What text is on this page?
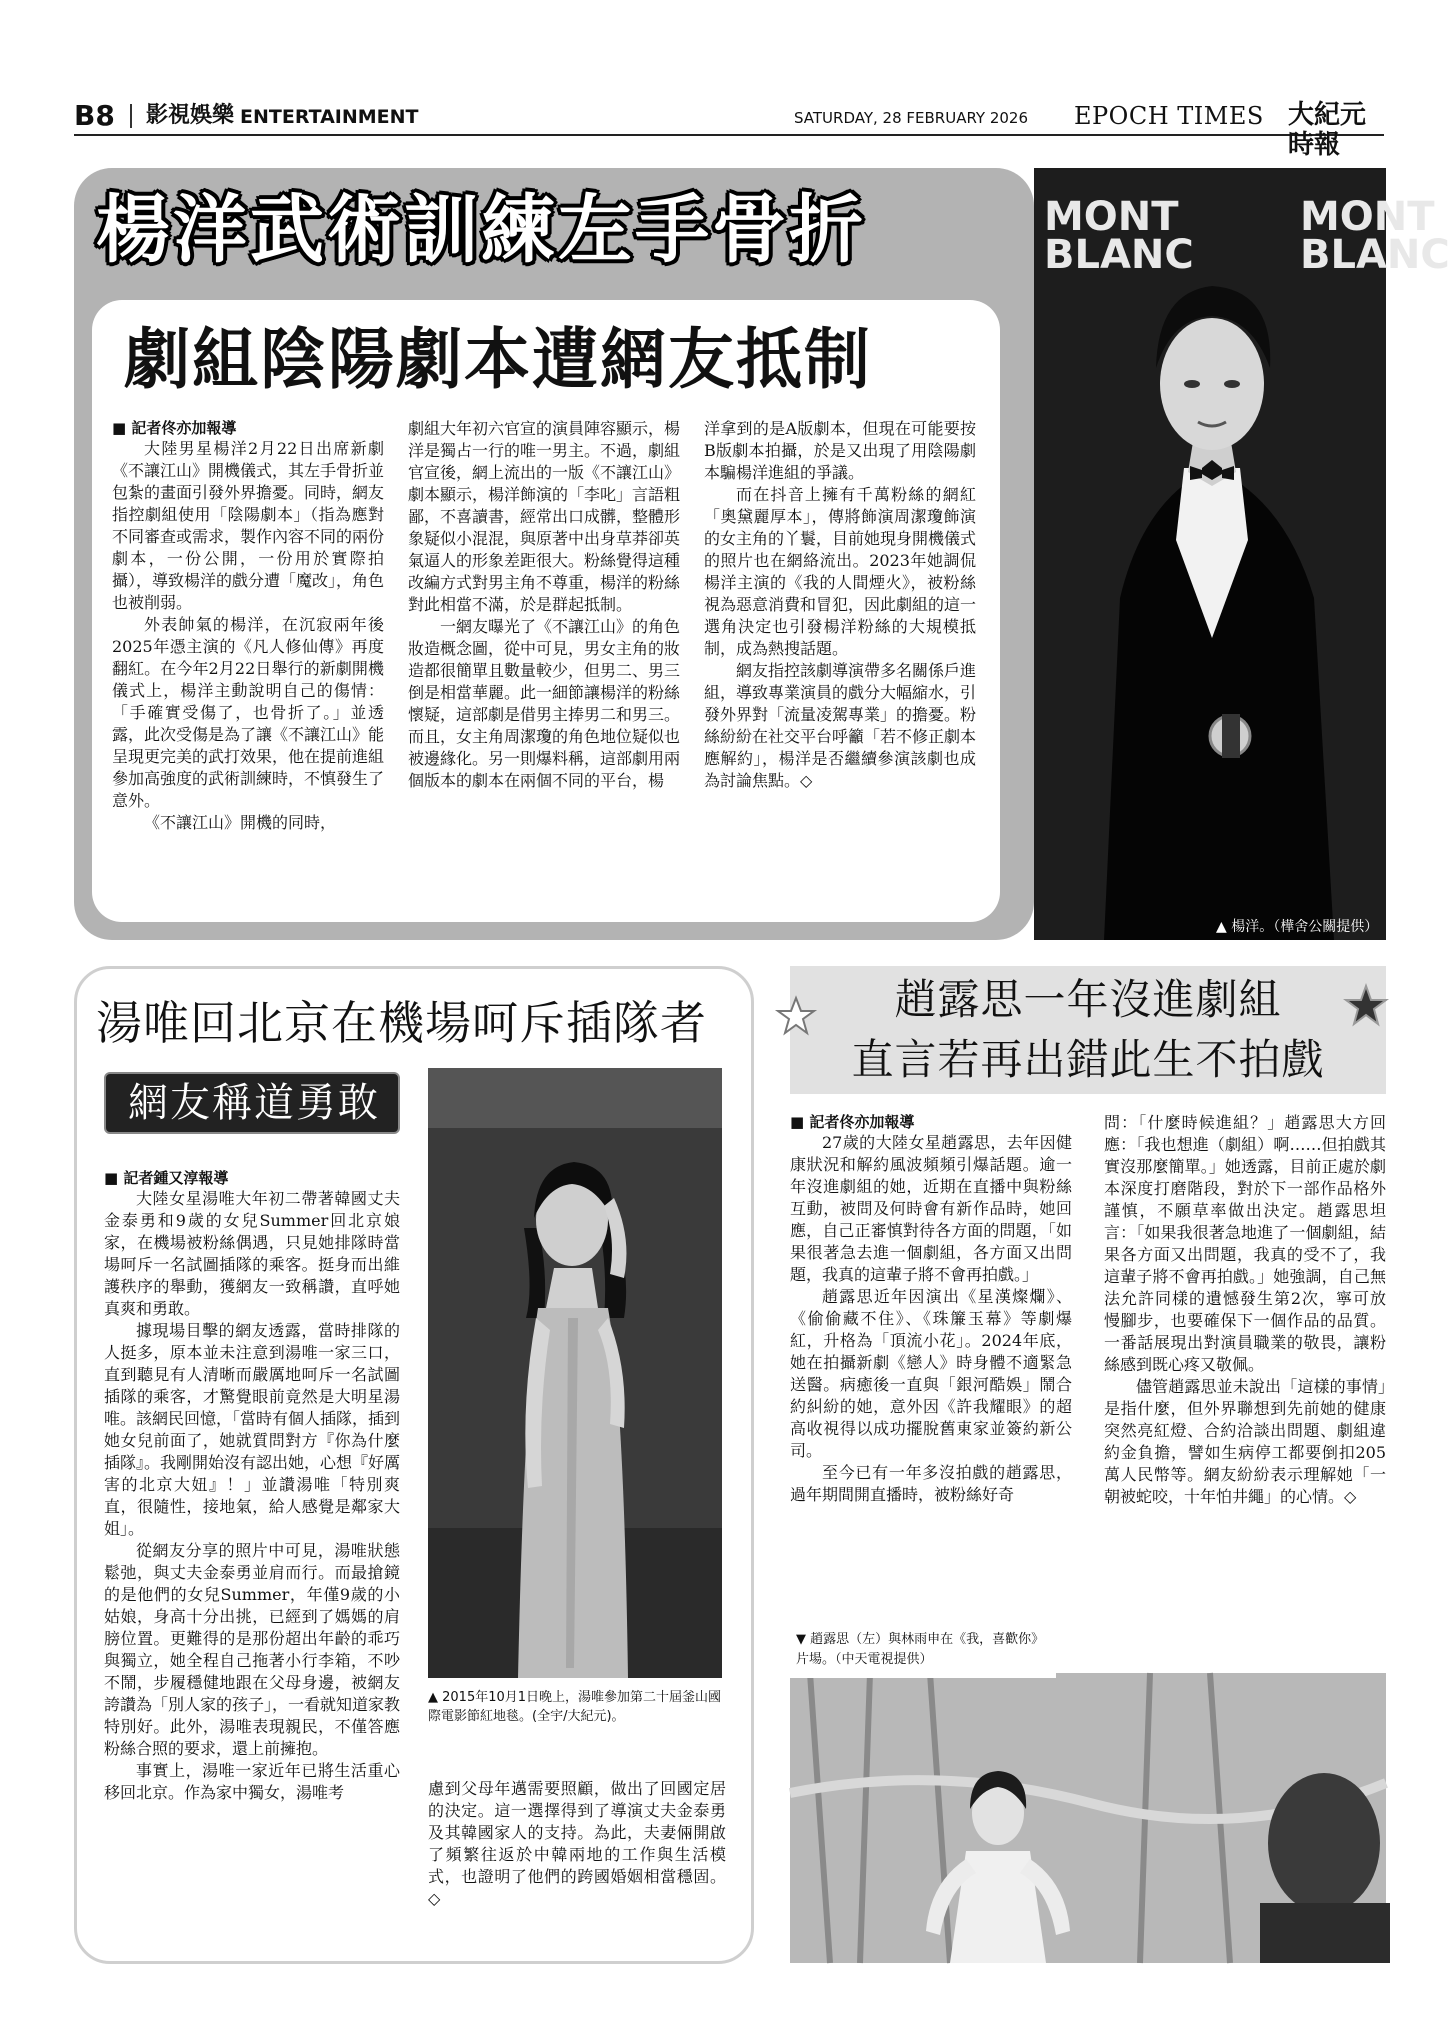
B8 影視娛樂 ENTERTAINMENT	SATURDAY, 28 FEBRUARY 2026 EPOCH TIMES 大紀元時報
楊洋武術訓練左手骨折
劇組陰陽劇本遭網友抵制
■ 記者佟亦加報導

大陸男星楊洋2月22日出席新劇《不讓江山》開機儀式，其左手骨折並包紮的畫面引發外界擔憂。同時，網友指控劇組使用「陰陽劇本」（指為應對不同審查或需求，製作內容不同的兩份劇本，一份公開，一份用於實際拍攝），導致楊洋的戲分遭「魔改」，角色也被削弱。

外表帥氣的楊洋，在沉寂兩年後2025年憑主演的《凡人修仙傳》再度翻紅。在今年2月22日舉行的新劇開機儀式上，楊洋主動說明自己的傷情：「手確實受傷了，也骨折了。」並透露，此次受傷是為了讓《不讓江山》能呈現更完美的武打效果，他在提前進組參加高強度的武術訓練時，不慎發生了意外。

《不讓江山》開機的同時，

劇組大年初六官宣的演員陣容顯示，楊洋是獨占一行的唯一男主。不過，劇組官宣後，網上流出的一版《不讓江山》劇本顯示，楊洋飾演的「李叱」言語粗鄙，不喜讀書，經常出口成髒，整體形象疑似小混混，與原著中出身草莽卻英氣逼人的形象差距很大。粉絲覺得這種改編方式對男主角不尊重，楊洋的粉絲對此相當不滿，於是群起抵制。

一網友曝光了《不讓江山》的角色妝造概念圖，從中可見，男女主角的妝造都很簡單且數量較少，但男二、男三倒是相當華麗。此一細節讓楊洋的粉絲懷疑，這部劇是借男主捧男二和男三。而且，女主角周潔瓊的角色地位疑似也被邊緣化。另一則爆料稱，這部劇用兩個版本的劇本在兩個不同的平台，楊

洋拿到的是A版劇本，但現在可能要按B版劇本拍攝，於是又出現了用陰陽劇本騙楊洋進組的爭議。

而在抖音上擁有千萬粉絲的網紅「奧黛麗厚本」，傳將飾演周潔瓊飾演的女主角的丫鬟，目前她現身開機儀式的照片也在網絡流出。2023年她調侃楊洋主演的《我的人間煙火》，被粉絲視為惡意消費和冒犯，因此劇組的這一選角決定也引發楊洋粉絲的大規模抵制，成為熱搜話題。

網友指控該劇導演帶多名關係戶進組，導致專業演員的戲分大幅縮水，引發外界對「流量凌駕專業」的擔憂。粉絲紛紛在社交平台呼籲「若不修正劇本應解約」，楊洋是否繼續參演該劇也成為討論焦點。◇

MONT
BLANC
MONT
BLANC
▲ 楊洋。（樺舍公關提供）
湯唯回北京在機場呵斥插隊者
網友稱道勇敢
■ 記者鍾又淳報導

大陸女星湯唯大年初二帶著韓國丈夫金泰勇和9歲的女兒Summer回北京娘家，在機場被粉絲偶遇，只見她排隊時當場呵斥一名試圖插隊的乘客。挺身而出維護秩序的舉動，獲網友一致稱讚，直呼她真爽和勇敢。

據現場目擊的網友透露，當時排隊的人挺多，原本並未注意到湯唯一家三口，直到聽見有人清晰而嚴厲地呵斥一名試圖插隊的乘客，才驚覺眼前竟然是大明星湯唯。該網民回憶，「當時有個人插隊，插到她女兒前面了，她就質問對方『你為什麼插隊』。我剛開始沒有認出她，心想『好厲害的北京大妞』！」並讚湯唯「特別爽直，很隨性，接地氣，給人感覺是鄰家大姐」。

從網友分享的照片中可見，湯唯狀態鬆弛，與丈夫金泰勇並肩而行。而最搶鏡的是他們的女兒Summer，年僅9歲的小姑娘，身高十分出挑，已經到了媽媽的肩膀位置。更難得的是那份超出年齡的乖巧與獨立，她全程自己拖著小行李箱，不吵不鬧，步履穩健地跟在父母身邊，被網友誇讚為「別人家的孩子」，一看就知道家教特別好。此外，湯唯表現親民，不僅答應粉絲合照的要求，還上前擁抱。

事實上，湯唯一家近年已將生活重心移回北京。作為家中獨女，湯唯考

▲ 2015年10月1日晚上，湯唯參加第二十屆釜山國際電影節紅地毯。(全宇/大紀元)。

慮到父母年邁需要照顧，做出了回國定居的決定。這一選擇得到了導演丈夫金泰勇及其韓國家人的支持。為此，夫妻倆開啟了頻繁往返於中韓兩地的工作與生活模式，也證明了他們的跨國婚姻相當穩固。◇

趙露思一年沒進劇組
直言若再出錯此生不拍戲
■ 記者佟亦加報導

27歲的大陸女星趙露思，去年因健康狀況和解約風波頻頻引爆話題。逾一年沒進劇組的她，近期在直播中與粉絲互動，被問及何時會有新作品時，她回應，自己正審慎對待各方面的問題，「如果很著急去進一個劇組，各方面又出問題，我真的這輩子將不會再拍戲。」

趙露思近年因演出《星漢燦爛》、《偷偷藏不住》、《珠簾玉幕》等劇爆紅，升格為「頂流小花」。2024年底，她在拍攝新劇《戀人》時身體不適緊急送醫。病癒後一直與「銀河酷娛」鬧合約糾紛的她，意外因《許我耀眼》的超高收視得以成功擺脫舊東家並簽約新公司。

至今已有一年多沒拍戲的趙露思，過年期間開直播時，被粉絲好奇

問：「什麼時候進組？」趙露思大方回應：「我也想進（劇組）啊……但拍戲其實沒那麼簡單。」她透露，目前正處於劇本深度打磨階段，對於下一部作品格外謹慎，不願草率做出決定。趙露思坦言：「如果我很著急地進了一個劇組，結果各方面又出問題，我真的受不了，我這輩子將不會再拍戲。」她強調，自己無法允許同樣的遺憾發生第2次，寧可放慢腳步，也要確保下一個作品的品質。一番話展現出對演員職業的敬畏，讓粉絲感到既心疼又敬佩。

儘管趙露思並未說出「這樣的事情」是指什麼，但外界聯想到先前她的健康突然亮紅燈、合約洽談出問題、劇組違約金負擔，譬如生病停工都要倒扣205萬人民幣等。網友紛紛表示理解她「一朝被蛇咬，十年怕井繩」的心情。◇

▼ 趙露思（左）與林雨申在《我，喜歡你》片場。（中天電視提供）
